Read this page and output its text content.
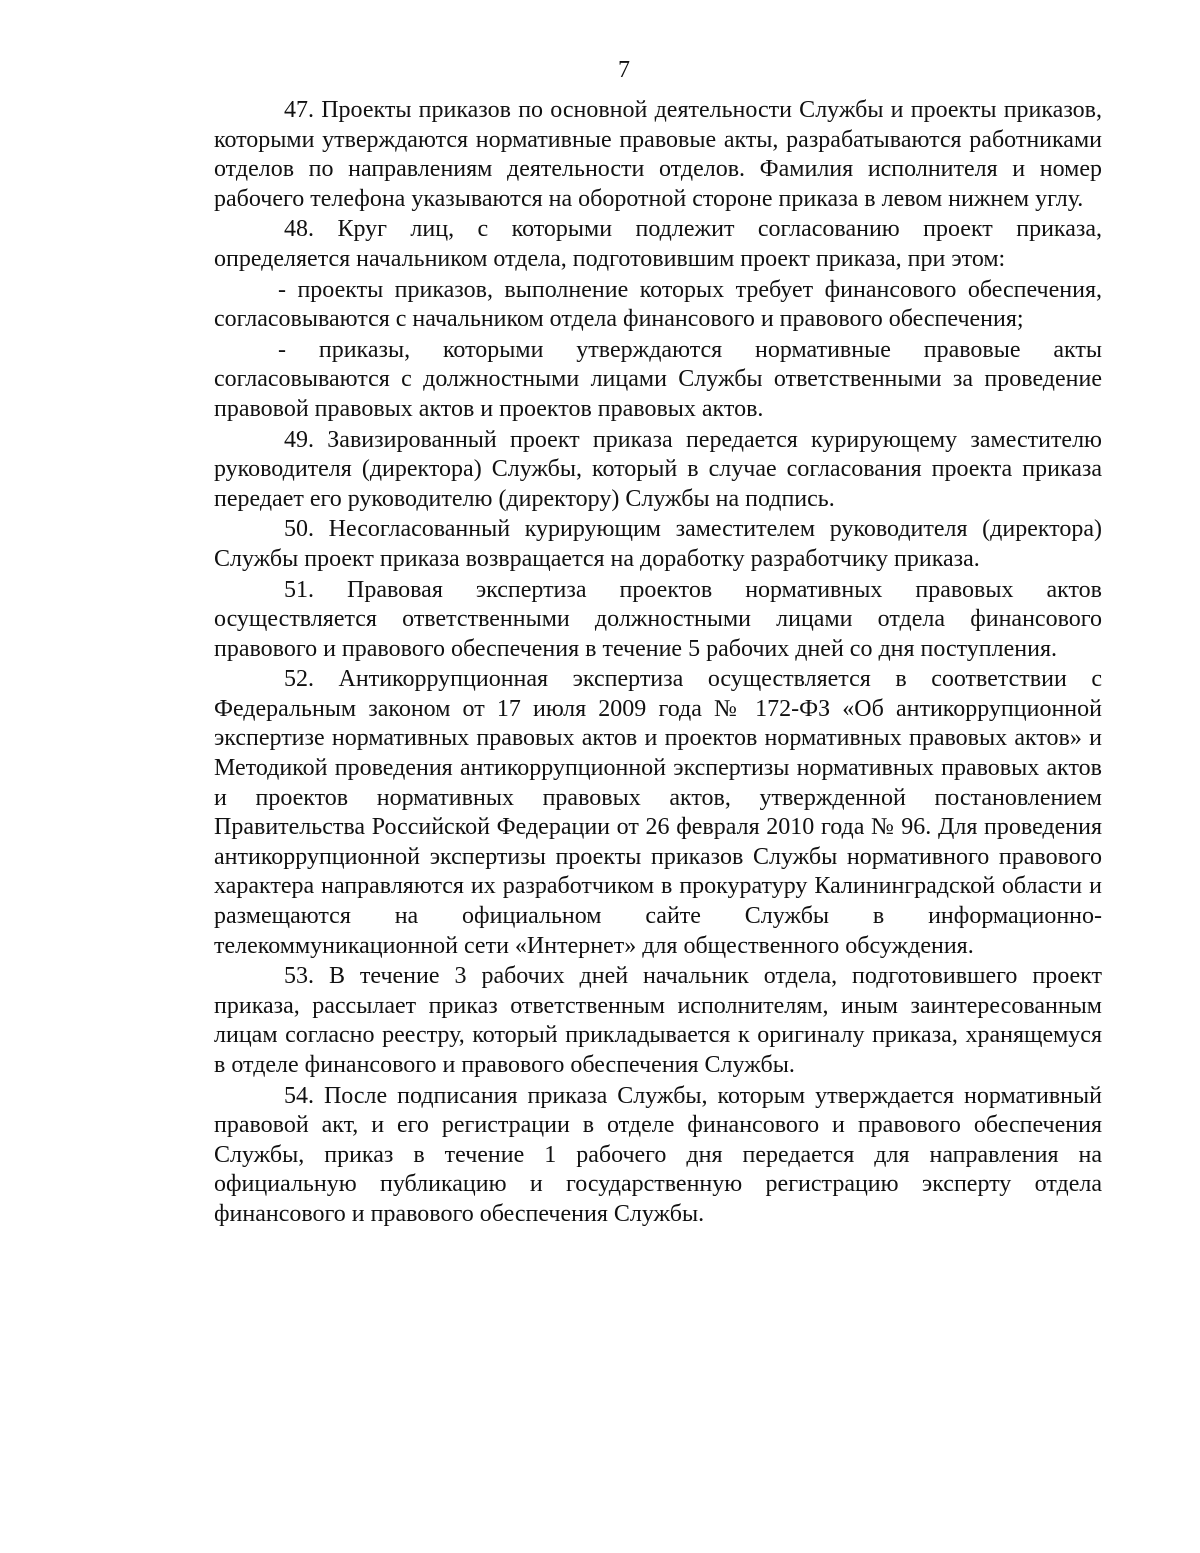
7

47. Проекты приказов по основной деятельности Службы и проекты приказов, которыми утверждаются нормативные правовые акты, разрабатываются работниками отделов по направлениям деятельности отделов. Фамилия исполнителя и номер рабочего телефона указываются на оборотной стороне приказа в левом нижнем углу.

48. Круг лиц, с которыми подлежит согласованию проект приказа, определяется начальником отдела, подготовившим проект приказа, при этом:

- проекты приказов, выполнение которых требует финансового обеспечения, согласовываются с начальником отдела финансового и правового обеспечения;

- приказы, которыми утверждаются нормативные правовые акты согласовываются с должностными лицами Службы ответственными за проведение правовой правовых актов и проектов правовых актов.

49. Завизированный проект приказа передается курирующему заместителю руководителя (директора) Службы, который в случае согласования проекта приказа передает его руководителю (директору) Службы на подпись.

50. Несогласованный курирующим заместителем руководителя (директора) Службы проект приказа возвращается на доработку разработчику приказа.

51. Правовая экспертиза проектов нормативных правовых актов осуществляется ответственными должностными лицами отдела финансового правового и правового обеспечения в течение 5 рабочих дней со дня поступления.

52. Антикоррупционная экспертиза осуществляется в соответствии с Федеральным законом от 17 июля 2009 года № 172-ФЗ «Об антикоррупционной экспертизе нормативных правовых актов и проектов нормативных правовых актов» и Методикой проведения антикоррупционной экспертизы нормативных правовых актов и проектов нормативных правовых актов, утвержденной постановлением Правительства Российской Федерации от 26 февраля 2010 года № 96. Для проведения антикоррупционной экспертизы проекты приказов Службы нормативного правового характера направляются их разработчиком в прокуратуру Калининградской области и размещаются на официальном сайте Службы в информационно-телекоммуникационной сети «Интернет» для общественного обсуждения.

53. В течение 3 рабочих дней начальник отдела, подготовившего проект приказа, рассылает приказ ответственным исполнителям, иным заинтересованным лицам согласно реестру, который прикладывается к оригиналу приказа, хранящемуся в отделе финансового и правового обеспечения Службы.

54. После подписания приказа Службы, которым утверждается нормативный правовой акт, и его регистрации в отделе финансового и правового обеспечения Службы, приказ в течение 1 рабочего дня передается для направления на официальную публикацию и государственную регистрацию эксперту отдела финансового и правового обеспечения Службы.
